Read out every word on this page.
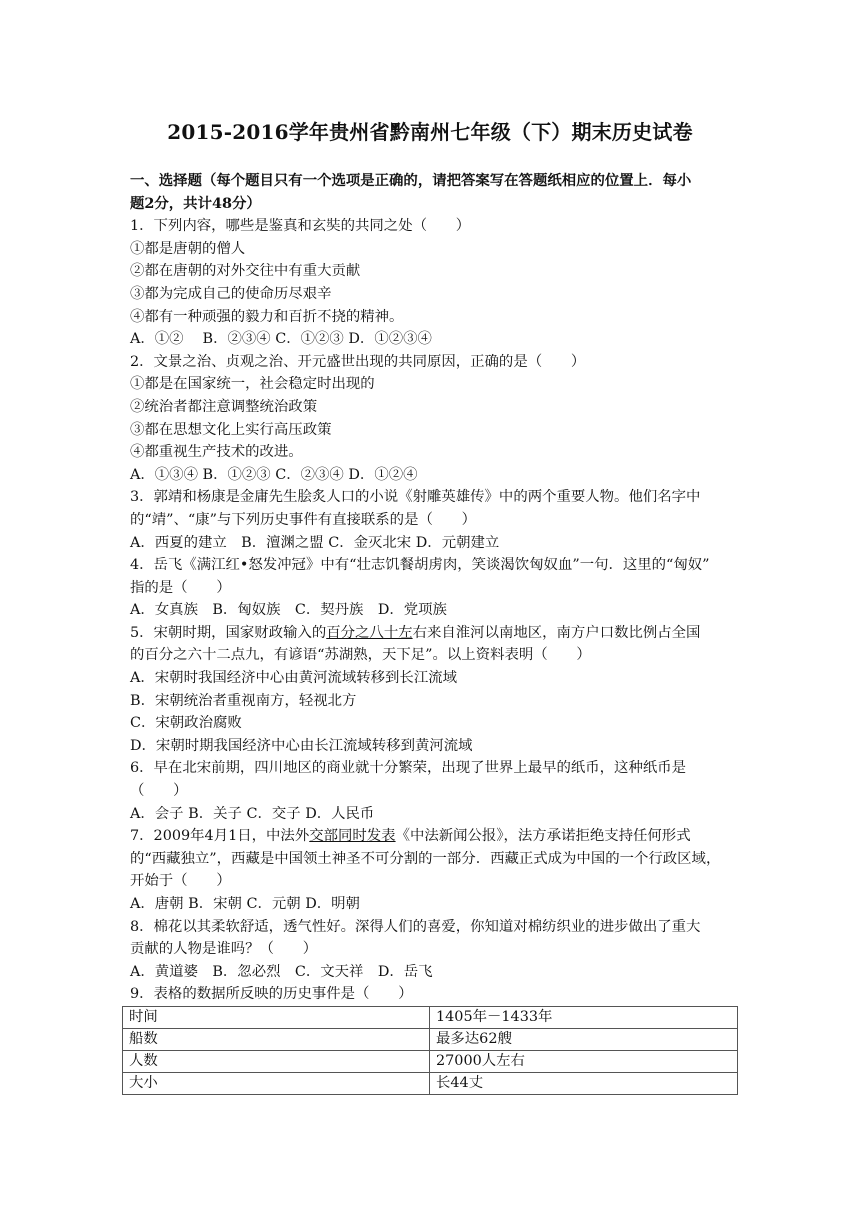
2015-2016学年贵州省黔南州七年级（下）期末历史试卷
一、选择题（每个题目只有一个选项是正确的，请把答案写在答题纸相应的位置上．每小
题2分，共计48分）
1．下列内容，哪些是鉴真和玄奘的共同之处（　　）
①都是唐朝的僧人
②都在唐朝的对外交往中有重大贡献
③都为完成自己的使命历尽艰辛
④都有一种顽强的毅力和百折不挠的精神。
A．①②　 B．②③④ C．①②③ D．①②③④
2．文景之治、贞观之治、开元盛世出现的共同原因，正确的是（　　）
①都是在国家统一，社会稳定时出现的
②统治者都注意调整统治政策
③都在思想文化上实行高压政策
④都重视生产技术的改进。
A．①③④ B．①②③ C．②③④ D．①②④
3．郭靖和杨康是金庸先生脍炙人口的小说《射雕英雄传》中的两个重要人物。他们名字中
的“靖”、“康”与下列历史事件有直接联系的是（　　）
A．西夏的建立　B．澶渊之盟 C．金灭北宋 D．元朝建立
4．岳飞《满江红•怒发冲冠》中有“壮志饥餐胡虏肉，笑谈渴饮匈奴血”一句．这里的“匈奴”
指的是（　　）
A．女真族　B．匈奴族　C．契丹族　D．党项族
5．宋朝时期，国家财政输入的百分之八十左右来自淮河以南地区，南方户口数比例占全国
的百分之六十二点九，有谚语“苏湖熟，天下足”。以上资料表明（　　）
A．宋朝时我国经济中心由黄河流域转移到长江流域
B．宋朝统治者重视南方，轻视北方
C．宋朝政治腐败
D．宋朝时期我国经济中心由长江流域转移到黄河流域
6．早在北宋前期，四川地区的商业就十分繁荣，出现了世界上最早的纸币，这种纸币是
（　　）
A．会子 B．关子 C．交子 D．人民币
7．2009年4月1日，中法外交部同时发表《中法新闻公报》，法方承诺拒绝支持任何形式
的“西藏独立”，西藏是中国领土神圣不可分割的一部分．西藏正式成为中国的一个行政区域，
开始于（　　）
A．唐朝 B．宋朝 C．元朝 D．明朝
8．棉花以其柔软舒适，透气性好。深得人们的喜爱，你知道对棉纺织业的进步做出了重大
贡献的人物是谁吗？（　　）
A．黄道婆　B．忽必烈　C．文天祥　D．岳飞
9．表格的数据所反映的历史事件是（　　）
时间	1405年－1433年
船数	最多达62艘
人数	27000人左右
大小	长44丈
